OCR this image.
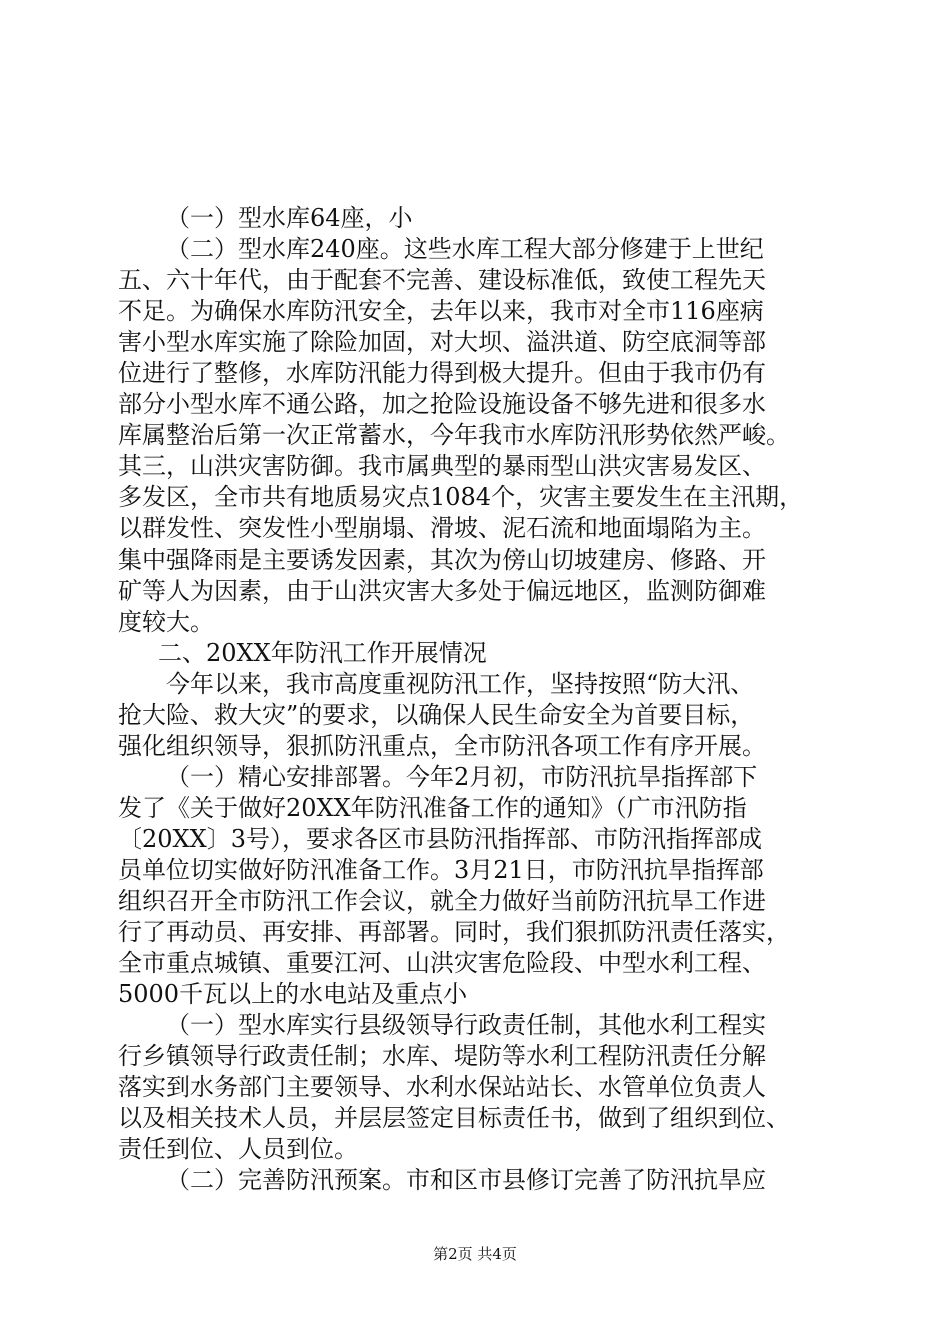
（一）型水库64座，小
（二）型水库240座。这些水库工程大部分修建于上世纪
五、六十年代，由于配套不完善、建设标准低，致使工程先天
不足。为确保水库防汛安全，去年以来，我市对全市116座病
害小型水库实施了除险加固，对大坝、溢洪道、防空底洞等部
位进行了整修，水库防汛能力得到极大提升。但由于我市仍有
部分小型水库不通公路，加之抢险设施设备不够先进和很多水
库属整治后第一次正常蓄水，今年我市水库防汛形势依然严峻。
其三，山洪灾害防御。我市属典型的暴雨型山洪灾害易发区、
多发区，全市共有地质易灾点1084个，灾害主要发生在主汛期，
以群发性、突发性小型崩塌、滑坡、泥石流和地面塌陷为主。
集中强降雨是主要诱发因素，其次为傍山切坡建房、修路、开
矿等人为因素，由于山洪灾害大多处于偏远地区，监测防御难
度较大。
二、20XX年防汛工作开展情况
今年以来，我市高度重视防汛工作，坚持按照“防大汛、
抢大险、救大灾”的要求，以确保人民生命安全为首要目标，
强化组织领导，狠抓防汛重点，全市防汛各项工作有序开展。
（一）精心安排部署。今年2月初，市防汛抗旱指挥部下
发了《关于做好20XX年防汛准备工作的通知》（广市汛防指
〔20XX〕3号），要求各区市县防汛指挥部、市防汛指挥部成
员单位切实做好防汛准备工作。3月21日，市防汛抗旱指挥部
组织召开全市防汛工作会议，就全力做好当前防汛抗旱工作进
行了再动员、再安排、再部署。同时，我们狠抓防汛责任落实，
全市重点城镇、重要江河、山洪灾害危险段、中型水利工程、
5000千瓦以上的水电站及重点小
（一）型水库实行县级领导行政责任制，其他水利工程实
行乡镇领导行政责任制；水库、堤防等水利工程防汛责任分解
落实到水务部门主要领导、水利水保站站长、水管单位负责人
以及相关技术人员，并层层签定目标责任书，做到了组织到位、
责任到位、人员到位。
（二）完善防汛预案。市和区市县修订完善了防汛抗旱应
第2页 共4页
